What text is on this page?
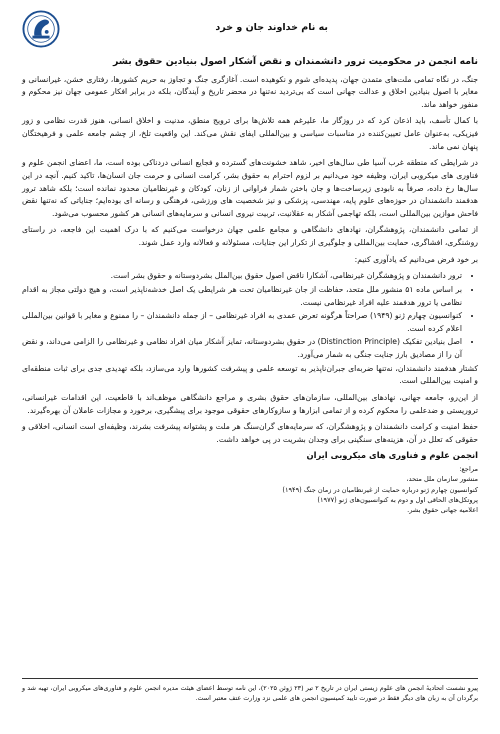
به نام خداوند جان و خرد
نامه انجمن در محکومیت ترور دانشمندان و نقض آشکار اصول بنیادین حقوق بشر

جنگ، در نگاه تمامی ملت‌های متمدن جهان، پدیده‌ای شوم و نکوهیده است. آغازگری جنگ و تجاوز به حریم کشورها، رفتاری خشن، غیرانسانی و مغایر با اصول بنیادین اخلاق و عدالت جهانی است که بی‌تردید نه‌تنها در محضر تاریخ و آیندگان، بلکه در برابر افکار عمومی جهان نیز محکوم و منفور خواهد ماند.

با کمال تأسف، باید اذعان کرد که در روزگار ما، علیرغم همه تلاش‌ها برای ترویج منطق، مدنیت و اخلاق انسانی، هنوز قدرت نظامی و زور فیزیکی، به‌عنوان عامل تعیین‌کننده در مناسبات سیاسی و بین‌المللی ایفای نقش می‌کند. این واقعیت تلخ، از چشم جامعه علمی و فرهیختگان پنهان نمی ماند.

در شرایطی که منطقه غرب آسیا طی سال‌های اخیر، شاهد خشونت‌های گسترده و فجایع انسانی دردناکی بوده است، ما، اعضای انجمن علوم و فناوری های میکروبی ایران، وظیفه خود می‌دانیم بر لزوم احترام به حقوق بشر، کرامت انسانی و حرمت جان انسان‌ها، تاکید کنیم. آنچه در این سال‌ها رخ داده، صرفاً به نابودی زیرساخت‌ها و جان باختن شمار فراوانی از زنان، کودکان و غیرنظامیان محدود نمانده است؛ بلکه شاهد ترور هدفمند دانشمندان در حوزه‌های علوم پایه، مهندسی، پزشکی و نیز شخصیت های ورزشی، فرهنگی و رسانه ای بوده‌ایم؛ جنایاتی که نه‌تنها نقض فاحش موازین بین‌المللی است، بلکه تهاجمی آشکار به عقلانیت، تربیت نیروی انسانی و سرمایه‌های انسانی هر کشور محسوب می‌شود.

از تمامی دانشمندان، پژوهشگران، نهادهای دانشگاهی و مجامع علمی جهان درخواست می‌کنیم که با درک اهمیت این فاجعه، در راستای روشنگری، افشاگری، حمایت بین‌المللی و جلوگیری از تکرار این جنایات، مسئولانه و فعالانه وارد عمل شوند.

بر خود فرض می‌دانیم که یادآوری کنیم:

• ترور دانشمندان و پژوهشگران غیرنظامی، آشکارا ناقض اصول حقوق بین‌الملل بشردوستانه و حقوق بشر است.
• بر اساس ماده ۵۱ منشور ملل متحد، حفاظت از جان غیرنظامیان تحت هر شرایطی یک اصل خدشه‌ناپذیر است، و هیچ دولتی مجاز به اقدام نظامی یا ترور هدفمند علیه افراد غیرنظامی نیست.
• کنوانسیون چهارم ژنو (۱۹۴۹) صراحتاً هرگونه تعرض عمدی به افراد غیرنظامی – از جمله دانشمندان – را ممنوع و مغایر با قوانین بین‌المللی اعلام کرده است.
• اصل بنیادین تفکیک (Distinction Principle) در حقوق بشردوستانه، تمایز آشکار میان افراد نظامی و غیرنظامی را الزامی می‌داند، و نقض آن را از مصادیق بارز جنایت جنگی به شمار می‌آورد.

کشتار هدفمند دانشمندان، نه‌تنها ضربه‌ای جبران‌ناپذیر به توسعه علمی و پیشرفت کشورها وارد می‌سازد، بلکه تهدیدی جدی برای ثبات منطقه‌ای و امنیت بین‌المللی است.

از این‌رو، جامعه جهانی، نهادهای بین‌المللی، سازمان‌های حقوق بشری و مراجع دانشگاهی موظف‌اند با قاطعیت، این اقدامات غیرانسانی، تروریستی و ضدعلمی را محکوم کرده و از تمامی ابزارها و سازوکارهای حقوقی موجود برای پیشگیری، برخورد و مجازات عاملان آن بهره‌گیرند.

حفظ امنیت و کرامت دانشمندان و پژوهشگران، که سرمایه‌های گران‌سنگ هر ملت و پشتوانه پیشرفت بشرند، وظیفه‌ای است انسانی، اخلاقی و حقوقی که تعلل در آن، هزینه‌های سنگینی برای وجدان بشریت در پی خواهد داشت.

انجمن علوم و فناوری های میکروبی ایران
مراجع:
منشور سازمان ملل متحد،
کنوانسیون چهارم ژنو درباره حمایت از غیرنظامیان در زمان جنگ (۱۹۴۹)
پروتکل‌های الحاقی اول و دوم به کنوانسیون‌های ژنو (۱۹۷۷)
اعلامیه جهانی حقوق بشر.
پیرو نشست اتحادیهٔ انجمن های علوم زیستی ایران در تاریخ ۲ تیر (۲۳ ژوئن ۲۰۲۵)، این نامه توسط اعضای هیئت مدیره انجمن علوم و فناوری‌های میکروبی ایران، تهیه شد و برگردان آن به زبان های دیگر فقط در صورت تایید کمیسیون انجمن های علمی نزد وزارت عتف معتبر است.
